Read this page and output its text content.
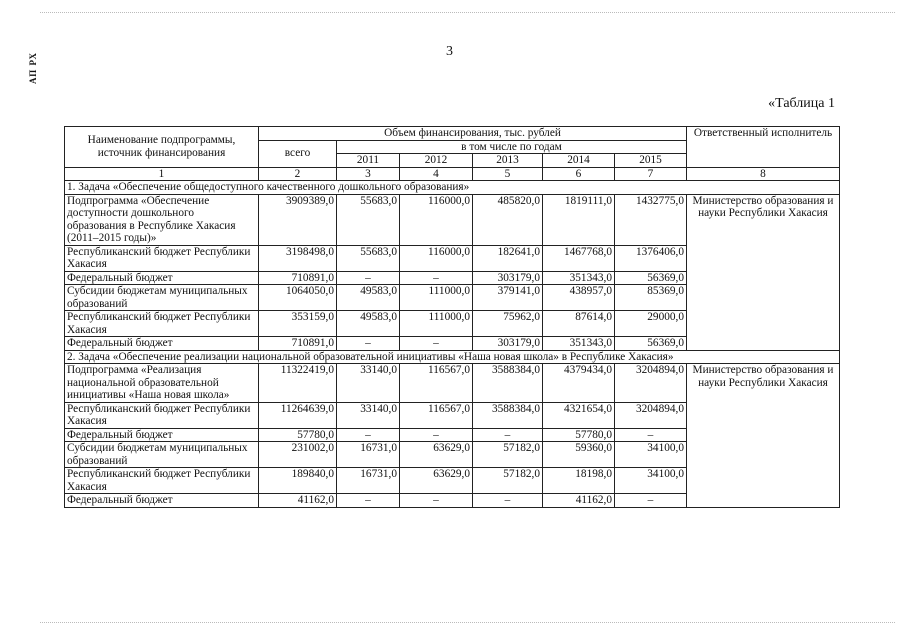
АП РХ
3
«Таблица 1
Наименование подпрограммы, источник финансирования	Объем финансирования, тыс. рублей						Ответственный исполнитель
	всего	в том числе по годам					
		2011	2012	2013	2014	2015	
1	2	3	4	5	6	7	8
1. Задача «Обеспечение общедоступного качественного дошкольного образования»							
Подпрограмма «Обеспечение доступности дошкольного образования в Республике Хакасия (2011–2015 годы)»	3909389,0	55683,0	116000,0	485820,0	1819111,0	1432775,0	Министерство образования и науки Республики Хакасия
Республиканский бюджет Республики Хакасия	3198498,0	55683,0	116000,0	182641,0	1467768,0	1376406,0	
Федеральный бюджет	710891,0	–	–	303179,0	351343,0	56369,0	
Субсидии бюджетам муниципальных образований	1064050,0	49583,0	111000,0	379141,0	438957,0	85369,0	
Республиканский бюджет Республики Хакасия	353159,0	49583,0	111000,0	75962,0	87614,0	29000,0	
Федеральный бюджет	710891,0	–	–	303179,0	351343,0	56369,0	
2. Задача «Обеспечение реализации национальной образовательной инициативы «Наша новая школа» в Республике Хакасия»							
Подпрограмма «Реализация национальной образовательной инициативы «Наша новая школа»	11322419,0	33140,0	116567,0	3588384,0	4379434,0	3204894,0	Министерство образования и науки Республики Хакасия
Республиканский бюджет Республики Хакасия	11264639,0	33140,0	116567,0	3588384,0	4321654,0	3204894,0	
Федеральный бюджет	57780,0	–	–	–	57780,0	–	
Субсидии бюджетам муниципальных образований	231002,0	16731,0	63629,0	57182,0	59360,0	34100,0	
Республиканский бюджет Республики Хакасия	189840,0	16731,0	63629,0	57182,0	18198,0	34100,0	
Федеральный бюджет	41162,0	–	–	–	41162,0	–	
